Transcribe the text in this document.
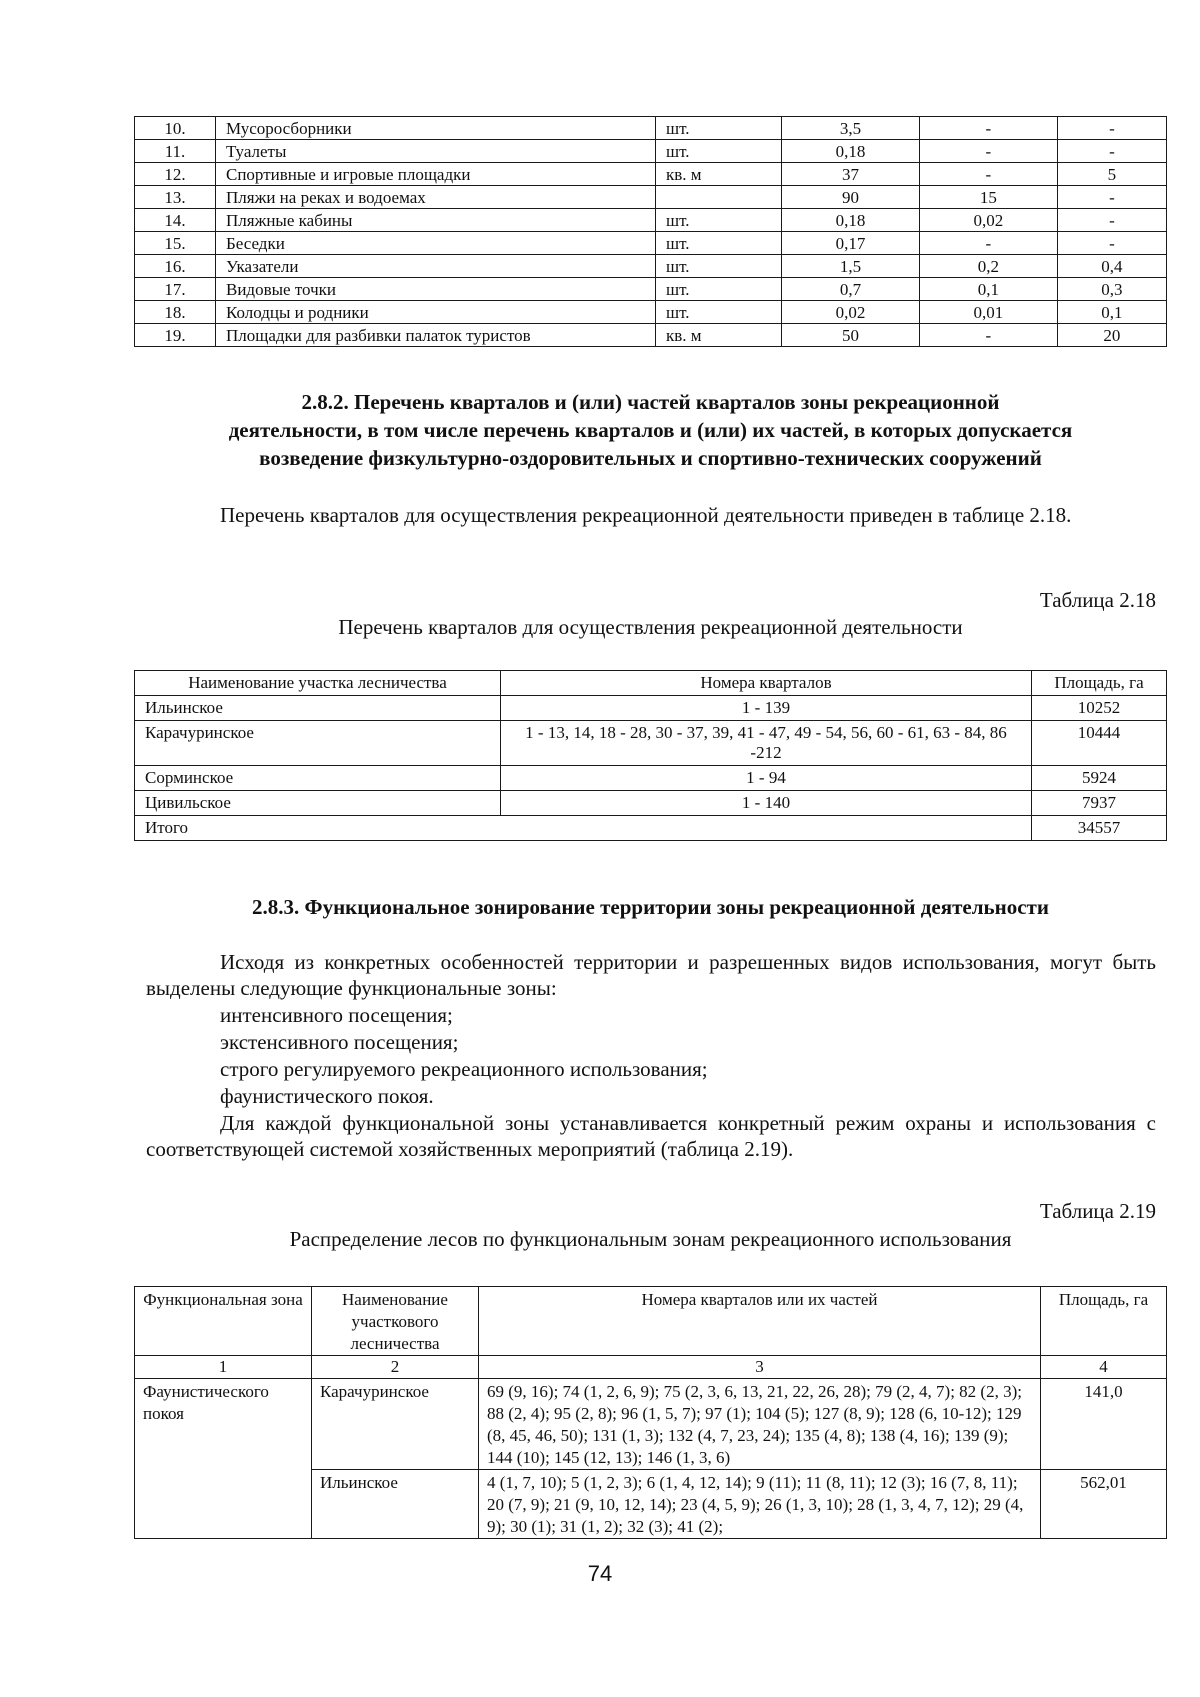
10.	Мусоросборники	шт.	3,5	-	-
11.	Туалеты	шт.	0,18	-	-
12.	Спортивные и игровые площадки	кв. м	37	-	5
13.	Пляжи на реках и водоемах		90	15	-
14.	Пляжные кабины	шт.	0,18	0,02	-
15.	Беседки	шт.	0,17	-	-
16.	Указатели	шт.	1,5	0,2	0,4
17.	Видовые точки	шт.	0,7	0,1	0,3
18.	Колодцы и родники	шт.	0,02	0,01	0,1
19.	Площадки для разбивки палаток туристов	кв. м	50	-	20
2.8.2. Перечень кварталов и (или) частей кварталов зоны рекреационной
деятельности, в том числе перечень кварталов и (или) их частей, в которых допускается
возведение физкультурно-оздоровительных и спортивно-технических сооружений
Перечень кварталов для осуществления рекреационной деятельности приведен в таблице 2.18.
Таблица 2.18
Перечень кварталов для осуществления рекреационной деятельности
Наименование участка лесничества	Номера кварталов	Площадь, га
Ильинское	1 - 139	10252
Карачуринское	1 - 13, 14, 18 - 28, 30 - 37, 39, 41 - 47, 49 - 54, 56, 60 - 61, 63 - 84, 86 -212	10444
Сорминское	1 - 94	5924
Цивильское	1 - 140	7937
Итого		34557
2.8.3. Функциональное зонирование территории зоны рекреационной деятельности
Исходя из конкретных особенностей территории и разрешенных видов использования, могут быть выделены следующие функциональные зоны:
интенсивного посещения;
экстенсивного посещения;
строго регулируемого рекреационного использования;
фаунистического покоя.
Для каждой функциональной зоны устанавливается конкретный режим охраны и использования с соответствующей системой хозяйственных мероприятий (таблица 2.19).
Таблица 2.19
Распределение лесов по функциональным зонам рекреационного использования
Функциональная зона	Наименование участкового лесничества	Номера кварталов или их частей	Площадь, га
1	2	3	4
Фаунистического покоя	Карачуринское	69 (9, 16); 74 (1, 2, 6, 9); 75 (2, 3, 6, 13, 21, 22, 26, 28); 79 (2, 4, 7); 82 (2, 3); 88 (2, 4); 95 (2, 8); 96 (1, 5, 7); 97 (1); 104 (5); 127 (8, 9); 128 (6, 10-12); 129 (8, 45, 46, 50); 131 (1, 3); 132 (4, 7, 23, 24); 135 (4, 8); 138 (4, 16); 139 (9); 144 (10); 145 (12, 13); 146 (1, 3, 6)	141,0
	Ильинское	4 (1, 7, 10); 5 (1, 2, 3); 6 (1, 4, 12, 14); 9 (11); 11 (8, 11); 12 (3); 16 (7, 8, 11); 20 (7, 9); 21 (9, 10, 12, 14); 23 (4, 5, 9); 26 (1, 3, 10); 28 (1, 3, 4, 7, 12); 29 (4, 9); 30 (1); 31 (1, 2); 32 (3); 41 (2);	562,01
74
